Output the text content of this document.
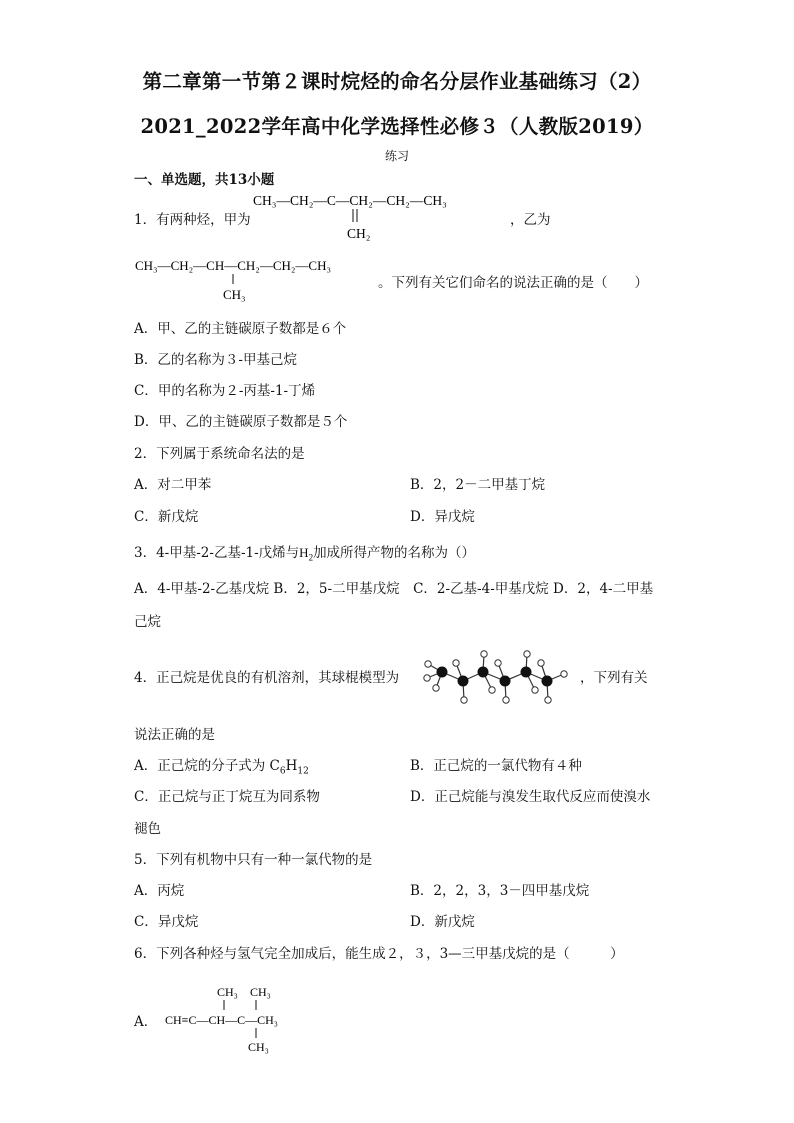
第二章第一节第２课时烷烃的命名分层作业基础练习（2）
2021_2022学年高中化学选择性必修３（人教版2019）
练习
一、单选题，共13小题
CH₃—CH₂—C—CH₂—CH₂—CH₃
CH₂
1．有两种烃，甲为	，乙为
CH₃—CH₂—CH—CH₂—CH₂—CH₃
CH₃
。下列有关它们命名的说法正确的是（　　）
A．甲、乙的主链碳原子数都是６个
B．乙的名称为３-甲基己烷
C．甲的名称为２-丙基-1-丁烯
D．甲、乙的主链碳原子数都是５个
2．下列属于系统命名法的是
A．对二甲苯	B．2，2－二甲基丁烷
C．新戊烷	D．异戊烷
3．4-甲基-2-乙基-1-戊烯与$H_2$加成所得产物的名称为（）
A．4-甲基-2-乙基戊烷 B．2，5-二甲基戊烷　C．2-乙基-4-甲基戊烷 D．2，4-二甲基
己烷
4．正己烷是优良的有机溶剂，其球棍模型为	，下列有关
说法正确的是
A．正己烷的分子式为 $C_6H_{12}$	B．正己烷的一氯代物有４种
C．正己烷与正丁烷互为同系物	D．正己烷能与溴发生取代反应而使溴水
褪色
5．下列有机物中只有一种一氯代物的是
A．丙烷	B．2，2，3，3－四甲基戊烷
C．异戊烷	D．新戊烷
6．下列各种烃与氢气完全加成后，能生成２，３，3—三甲基戊烷的是（　　　）
A．
CH₃ CH₃
CH≡C—CH—C—CH₃
CH₃
